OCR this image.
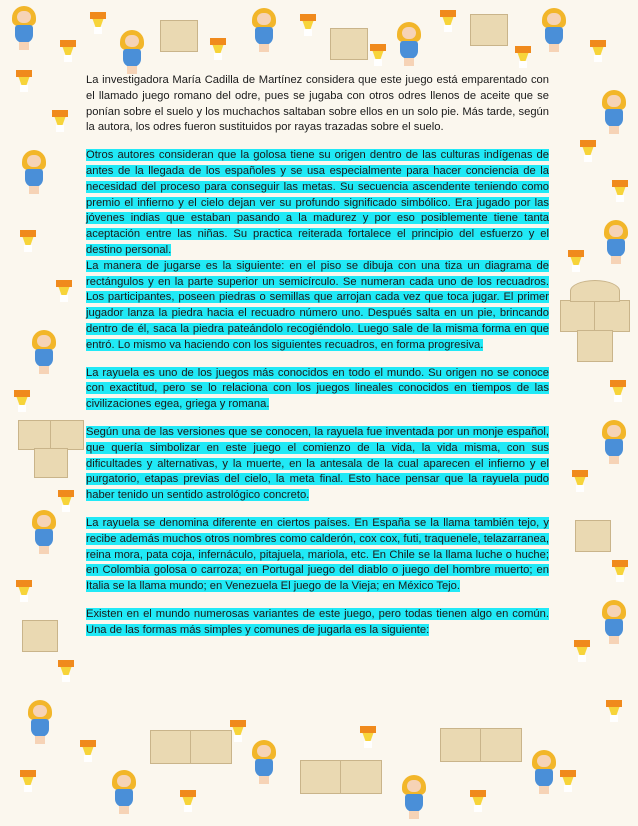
La investigadora María Cadilla de Martínez considera que este juego está emparentado con el llamado juego romano del odre, pues se jugaba con otros odres llenos de aceite que se ponían sobre el suelo y los muchachos saltaban sobre ellos en un solo pie. Más tarde, según la autora, los odres fueron sustituidos por rayas trazadas sobre el suelo.

Otros autores consideran que la golosa tiene su origen dentro de las culturas indígenas de antes de la llegada de los españoles y se usa especialmente para hacer conciencia de la necesidad del proceso para conseguir las metas. Su secuencia ascendente teniendo como premio el infierno y el cielo dejan ver su profundo significado simbólico. Era jugado por las jóvenes indias que estaban pasando a la madurez y por eso posiblemente tiene tanta aceptación entre las niñas. Su practica reiterada fortalece el principio del esfuerzo y el destino personal.

La manera de jugarse es la siguiente: en el piso se dibuja con una tiza un diagrama de rectángulos y en la parte superior un semicírculo. Se numeran cada uno de los recuadros. Los participantes, poseen piedras o semillas que arrojan cada vez que toca jugar. El primer jugador lanza la piedra hacia el recuadro número uno. Después salta en un pie, brincando dentro de él, saca la piedra pateándolo recogiéndolo. Luego sale de la misma forma en que entró. Lo mismo va haciendo con los siguientes recuadros, en forma progresiva.

La rayuela es uno de los juegos más conocidos en todo el mundo. Su origen no se conoce con exactitud, pero se lo relaciona con los juegos lineales conocidos en tiempos de las civilizaciones egea, griega y romana.

Según una de las versiones que se conocen, la rayuela fue inventada por un monje español, que quería simbolizar en este juego el comienzo de la vida, la vida misma, con sus dificultades y alternativas, y la muerte, en la antesala de la cual aparecen el infierno y el purgatorio, etapas previas del cielo, la meta final. Esto hace pensar que la rayuela pudo haber tenido un sentido astrológico concreto.

La rayuela se denomina diferente en ciertos países. En España se la llama también tejo, y recibe además muchos otros nombres como calderón, cox cox, futi, traquenele, telazarranea, reina mora, pata coja, infernáculo, pitajuela, mariola, etc. En Chile se la llama luche o huche; en Colombia golosa o carroza; en Portugal juego del diablo o juego del hombre muerto; en Italia se la llama mundo; en Venezuela El juego de la Vieja; en México Tejo.

Existen en el mundo numerosas variantes de este juego, pero todas tienen algo en común. Una de las formas más simples y comunes de jugarla es la siguiente:
